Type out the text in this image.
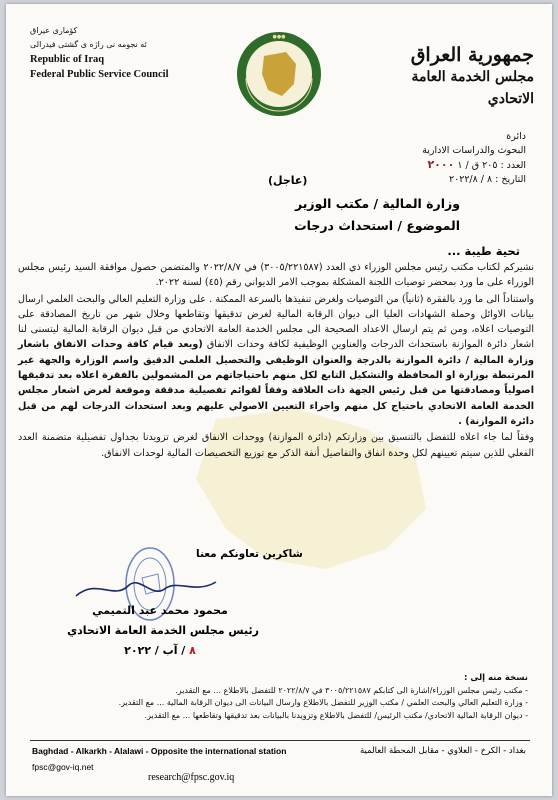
کۆماری عیراق
ئه نجومه نی راژه ی گشتی فیدرالی
Republic of Iraq
Federal Public Service Council
●●●
جمهورية العراق
مجلس الخدمة العامة الاتحادي
دائرة
البحوث والدراسات الادارية
العدد : ٢٠٥ ق / ١ ٢٠٠٠
التاريخ : ٨ / ٢٠٢٢/٨
(عاجل)
وزارة المالية / مكتب الوزير
الموضوع / استحداث درجات
تحية طيبة ...

نشيركم لكتاب مكتب رئيس مجلس الوزراء ذي العدد (٣٠٠٥/٢٢١٥٨٧) في ٢٠٢٢/٨/٧ والمتضمن حصول موافقة السيد رئيس مجلس الوزراء على ما ورد بمحضر توصيات اللجنة المشكلة بموجب الامر الديواني رقم (٤٥) لسنة ٢٠٢٢.

واستناداً الى ما ورد بالفقرة (ثانياً) من التوصيات ولغرض تنفيذها بالسرعة الممكنة . على وزارة التعليم العالي والبحث العلمي ارسال بيانات الاوائل وحملة الشهادات العليا الى ديوان الرقابة المالية لغرض تدقيقها وتقاطعها وخلال شهر من تاريخ المصادقة على التوصيات اعلاه، ومن ثم يتم ارسال الاعداد الصحيحة الى مجلس الخدمة العامة الاتحادي من قبل ديوان الرقابة المالية ليتسنى لنا اشعار دائرة الموازنة باستحداث الدرجات والعناوين الوظيفية لكافة وحدات الانفاق (ويعد قيام كافة وحدات الانفاق باشعار وزارة المالية / دائرة الموازنة بالدرجة والعنوان الوظيفي والتحصيل العلمي الدقيق واسم الوزارة والجهة غير المرتبطة بوزارة او المحافظة والتشكيل التابع لكل منهم باحتياجاتهم من المشمولين بالفقرة اعلاه بعد تدقيقها اصولياً ومصادقتها من قبل رئيس الجهة ذات العلاقة وفقاً لقوائم تفصيلية مدققة وموقعة لغرض اشعار مجلس الخدمة العامة الاتحادي باحتياج كل منهم واجراء التعيين الاصولي عليهم وبعد استحداث الدرجات لهم من قبل دائرة الموازنة) .

وفقاً لما جاء اعلاه للتفضل بالتنسيق بين وزارتكم (دائرة الموازنة) ووحدات الانفاق لغرض تزويدنا بجداول تفصيلية متضمنة العدد الفعلي للذين سيتم تعيينهم لكل وحدة انفاق والتفاصيل أنفة الذكر مع توزيع التخصيصات المالية لوحدات الانفاق.

شاكرين تعاونكم معنا
محمود محمد عبد التميمي
رئيس مجلس الخدمة العامة الاتحادي
٨ / آب / ٢٠٢٢
نسخة منه إلى :
- مكتب رئيس مجلس الوزراء/اشارة الى كتابكم ٣٠٠٥/٢٢١٥٨٧ في ٢٠٢٢/٨/٧ للتفضل بالاطلاع ... مع التقدير.
- وزارة التعليم العالي والبحث العلمي / مكتب الوزير للتفضل بالاطلاع وارسال البيانات الى ديوان الرقابة المالية ... مع التقدير.
- ديوان الرقابة المالية الاتحادي/ مكتب الرئيس/ للتفضل بالاطلاع وتزويدنا بالبيانات بعد تدقيقها وتقاطعها ... مع التقدير.
Baghdad - Alkarkh - Alalawi - Opposite the international station	بغداد - الكرخ - العلاوي - مقابل المحطة العالمية
fpsc@gov-iq.net
research@fpsc.gov.iq
